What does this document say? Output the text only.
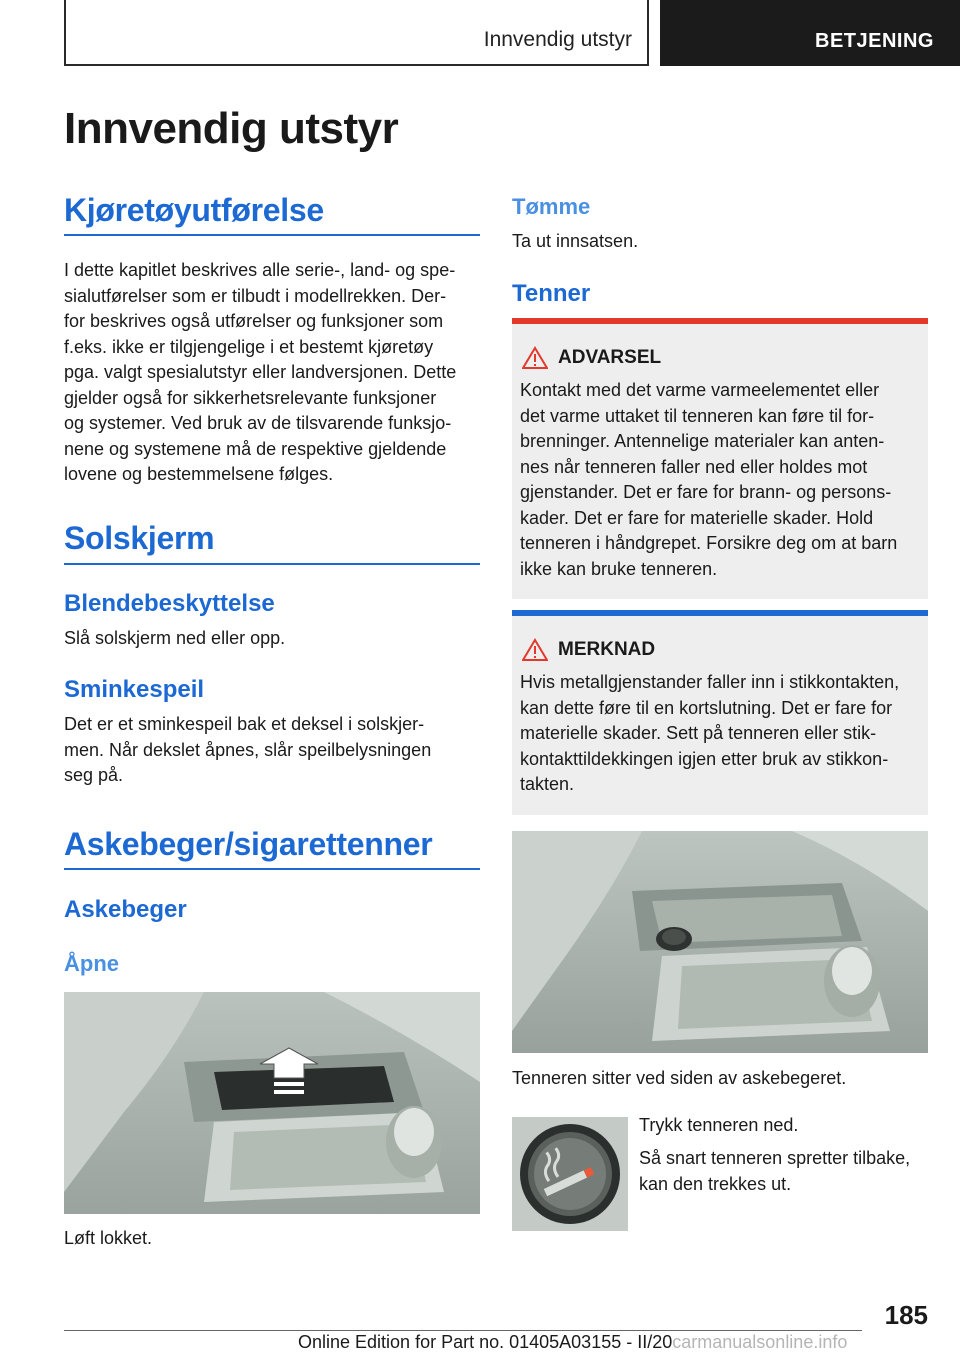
Innvendig utstyr	BETJENING
Innvendig utstyr
Kjøretøyutførelse
I dette kapitlet beskrives alle serie-, land- og spe-
sialutførelser som er tilbudt i modellrekken. Der-
for beskrives også utførelser og funksjoner som
f.eks. ikke er tilgjengelige i et bestemt kjøretøy
pga. valgt spesialutstyr eller landversjonen. Dette
gjelder også for sikkerhetsrelevante funksjoner
og systemer. Ved bruk av de tilsvarende funksjo-
nene og systemene må de respektive gjeldende
lovene og bestemmelsene følges.
Solskjerm
Blendebeskyttelse
Slå solskjerm ned eller opp.
Sminkespeil
Det er et sminkespeil bak et deksel i solskjer-
men. Når dekslet åpnes, slår speilbelysningen
seg på.
Askebeger/sigarettenner
Askebeger
Åpne
Løft lokket.
Tømme
Ta ut innsatsen.
Tenner
ADVARSEL
Kontakt med det varme varmeelementet eller
det varme uttaket til tenneren kan føre til for-
brenninger. Antennelige materialer kan anten-
nes når tenneren faller ned eller holdes mot
gjenstander. Det er fare for brann- og persons-
kader. Det er fare for materielle skader. Hold
tenneren i håndgrepet. Forsikre deg om at barn
ikke kan bruke tenneren.
MERKNAD
Hvis metallgjenstander faller inn i stikkontakten,
kan dette føre til en kortslutning. Det er fare for
materielle skader. Sett på tenneren eller stik-
kontakttildekkingen igjen etter bruk av stikkon-
takten.
Tenneren sitter ved siden av askebegeret.
Trykk tenneren ned.
Så snart tenneren spretter tilbake,
kan den trekkes ut.
185
Online Edition for Part no. 01405A03155 - II/20carmanualsonline.info
